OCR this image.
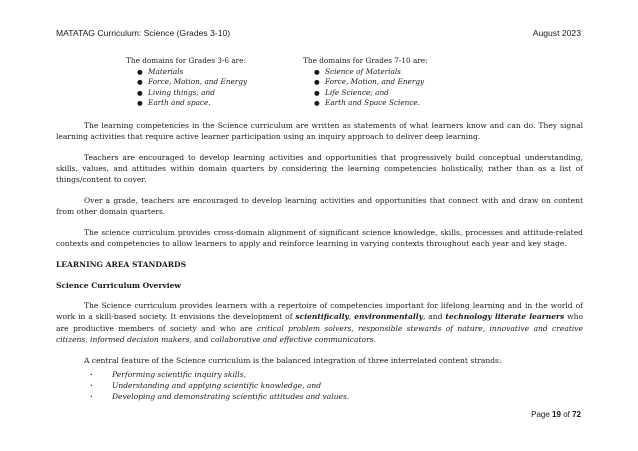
MATATAG Curriculum: Science (Grades 3-10)	August 2023
The domains for Grades 3-6 are:
● Materials
● Force, Motion, and Energy
● Living things; and
● Earth and space.
The domains for Grades 7-10 are:
● Science of Materials
● Force, Motion, and Energy
● Life Science; and
● Earth and Space Science.

The learning competencies in the Science curriculum are written as statements of what learners know and can do. They signal learning activities that require active learner participation using an inquiry approach to deliver deep learning.

Teachers are encouraged to develop learning activities and opportunities that progressively build conceptual understanding, skills, values, and attitudes within domain quarters by considering the learning competencies holistically, rather than as a list of things/content to cover.

Over a grade, teachers are encouraged to develop learning activities and opportunities that connect with and draw on content from other domain quarters.

The science curriculum provides cross-domain alignment of significant science knowledge, skills, processes and attitude-related contexts and competencies to allow learners to apply and reinforce learning in varying contexts throughout each year and key stage.

LEARNING AREA STANDARDS

Science Curriculum Overview

The Science curriculum provides learners with a repertoire of competencies important for lifelong learning and in the world of work in a skill-based society. It envisions the development of scientifically, environmentally, and technology literate learners who are productive members of society and who are critical problem solvers, responsible stewards of nature, innovative and creative citizens, informed decision makers, and collaborative and effective communicators.

A central feature of the Science curriculum is the balanced integration of three interrelated content strands:

· Performing scientific inquiry skills,
· Understanding and applying scientific knowledge, and
· Developing and demonstrating scientific attitudes and values.
Page 19 of 72
